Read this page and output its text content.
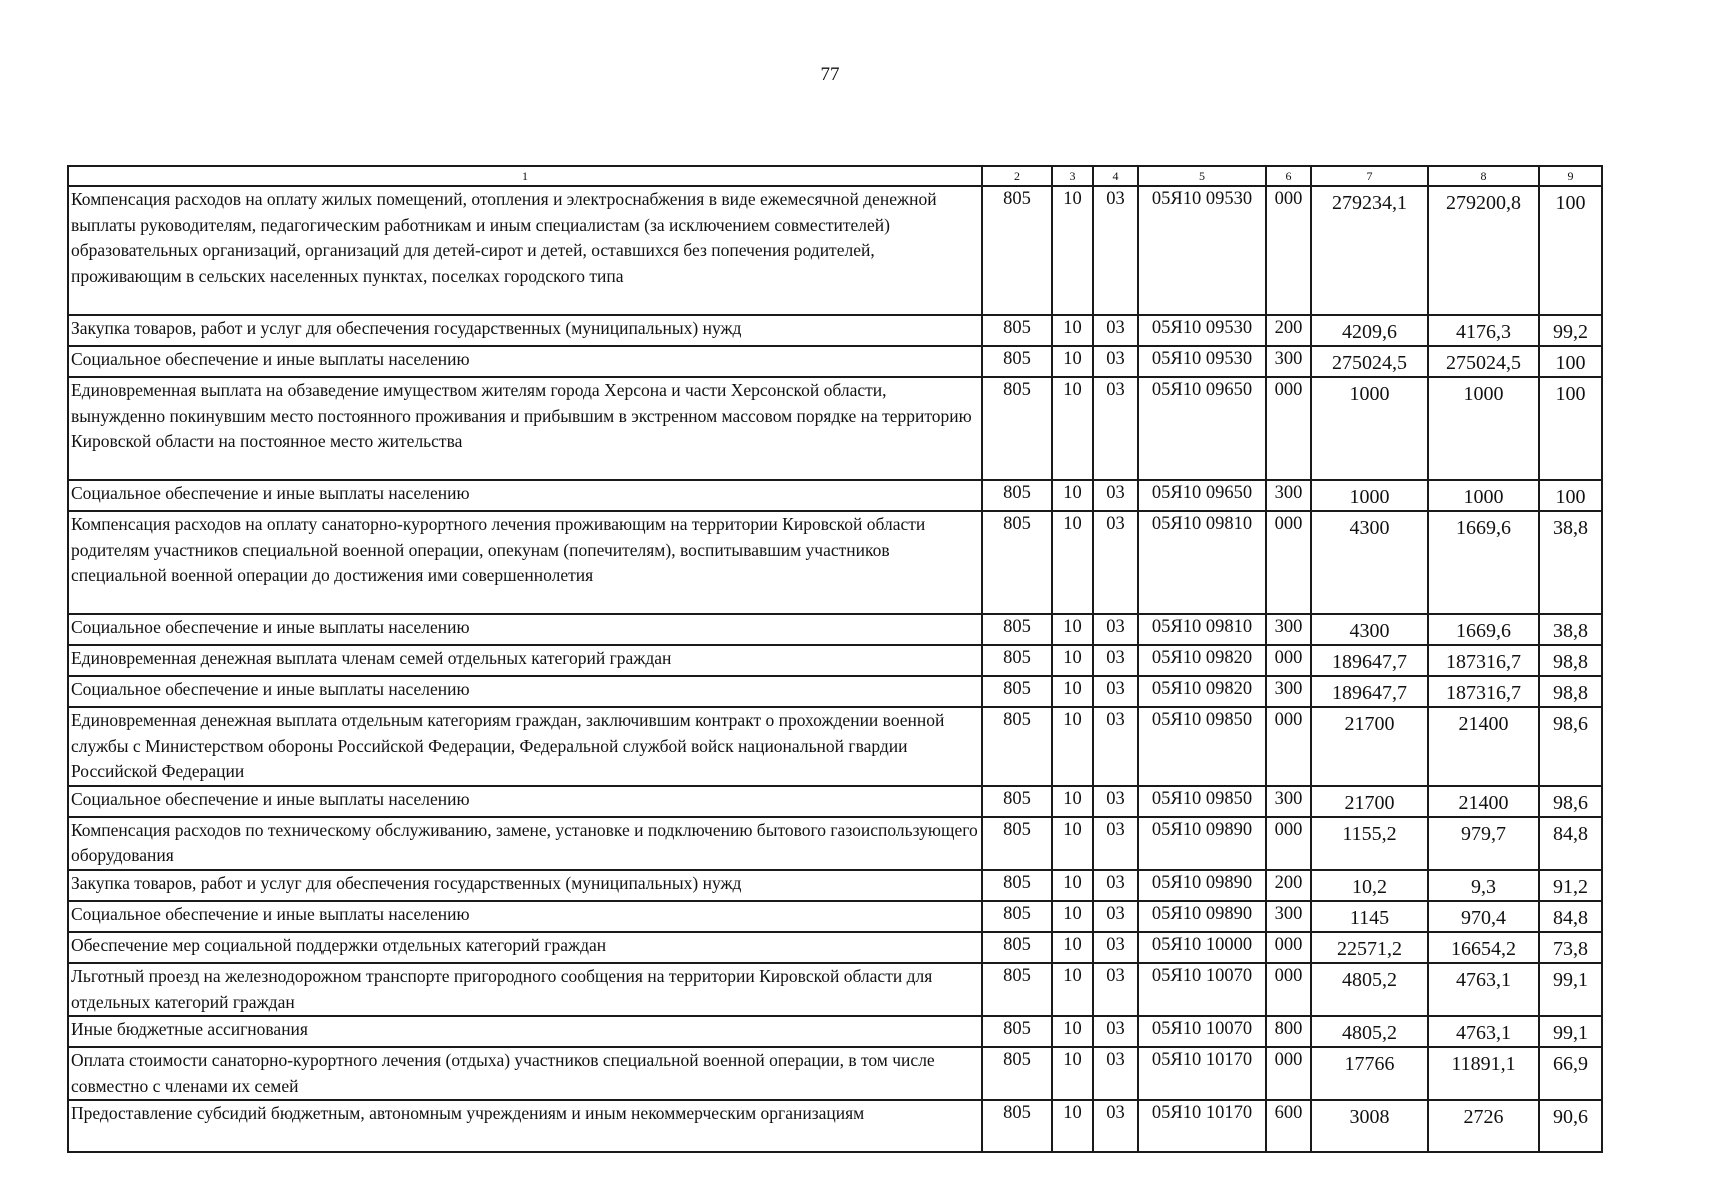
77
1	2	3	4	5	6	7	8	9
Компенсация расходов на оплату жилых помещений, отопления и электроснабжения в виде ежемесячной денежной выплаты руководителям, педагогическим работникам и иным специалистам (за исключением совместителей) образовательных организаций, организаций для детей-сирот и детей, оставшихся без попечения родителей, проживающим в сельских населенных пунктах, поселках городского типа	805	10	03	05Я10 09530	000	279234,1	279200,8	100
Закупка товаров, работ и услуг для обеспечения государственных (муниципальных) нужд	805	10	03	05Я10 09530	200	4209,6	4176,3	99,2
Социальное обеспечение и иные выплаты населению	805	10	03	05Я10 09530	300	275024,5	275024,5	100
Единовременная выплата на обзаведение имуществом жителям города Херсона и части Херсонской области, вынужденно покинувшим место постоянного проживания и прибывшим в экстренном массовом порядке на территорию Кировской области на постоянное место жительства	805	10	03	05Я10 09650	000	1000	1000	100
Социальное обеспечение и иные выплаты населению	805	10	03	05Я10 09650	300	1000	1000	100
Компенсация расходов на оплату санаторно-курортного лечения проживающим на территории Кировской области родителям участников специальной военной операции, опекунам (попечителям), воспитывавшим участников специальной военной операции до достижения ими совершеннолетия	805	10	03	05Я10 09810	000	4300	1669,6	38,8
Социальное обеспечение и иные выплаты населению	805	10	03	05Я10 09810	300	4300	1669,6	38,8
Единовременная денежная выплата членам семей отдельных категорий граждан	805	10	03	05Я10 09820	000	189647,7	187316,7	98,8
Социальное обеспечение и иные выплаты населению	805	10	03	05Я10 09820	300	189647,7	187316,7	98,8
Единовременная денежная выплата отдельным категориям граждан, заключившим контракт о прохождении военной службы с Министерством обороны Российской Федерации, Федеральной службой войск национальной гвардии Российской Федерации	805	10	03	05Я10 09850	000	21700	21400	98,6
Социальное обеспечение и иные выплаты населению	805	10	03	05Я10 09850	300	21700	21400	98,6
Компенсация расходов по техническому обслуживанию, замене, установке и подключению бытового газоиспользующего оборудования	805	10	03	05Я10 09890	000	1155,2	979,7	84,8
Закупка товаров, работ и услуг для обеспечения государственных (муниципальных) нужд	805	10	03	05Я10 09890	200	10,2	9,3	91,2
Социальное обеспечение и иные выплаты населению	805	10	03	05Я10 09890	300	1145	970,4	84,8
Обеспечение мер социальной поддержки отдельных категорий граждан	805	10	03	05Я10 10000	000	22571,2	16654,2	73,8
Льготный проезд на железнодорожном транспорте пригородного сообщения на территории Кировской области для отдельных категорий граждан	805	10	03	05Я10 10070	000	4805,2	4763,1	99,1
Иные бюджетные ассигнования	805	10	03	05Я10 10070	800	4805,2	4763,1	99,1
Оплата стоимости санаторно-курортного лечения (отдыха) участников специальной военной операции, в том числе совместно с членами их семей	805	10	03	05Я10 10170	000	17766	11891,1	66,9
Предоставление субсидий бюджетным, автономным учреждениям и иным некоммерческим организациям	805	10	03	05Я10 10170	600	3008	2726	90,6
